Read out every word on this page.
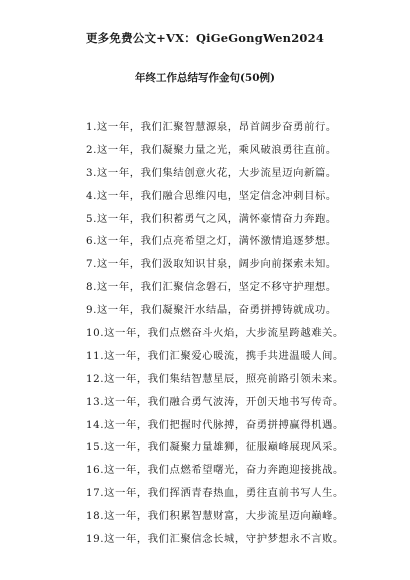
更多免费公文+VX：QiGeGongWen2024
年终工作总结写作金句(50例)
1.这一年，我们汇聚智慧源泉，昂首阔步奋勇前行。
2.这一年，我们凝聚力量之光，乘风破浪勇往直前。
3.这一年，我们集结创意火花，大步流星迈向新篇。
4.这一年，我们融合思维闪电，坚定信念冲刺目标。
5.这一年，我们积蓄勇气之风，满怀豪情奋力奔跑。
6.这一年，我们点亮希望之灯，满怀激情追逐梦想。
7.这一年，我们汲取知识甘泉，阔步向前探索未知。
8.这一年，我们汇聚信念磐石，坚定不移守护理想。
9.这一年，我们凝聚汗水结晶，奋勇拼搏铸就成功。
10.这一年，我们点燃奋斗火焰，大步流星跨越难关。
11.这一年，我们汇聚爱心暖流，携手共进温暖人间。
12.这一年，我们集结智慧星辰，照亮前路引领未来。
13.这一年，我们融合勇气波涛，开创天地书写传奇。
14.这一年，我们把握时代脉搏，奋勇拼搏赢得机遇。
15.这一年，我们凝聚力量雄狮，征服巅峰展现风采。
16.这一年，我们点燃希望曙光，奋力奔跑迎接挑战。
17.这一年，我们挥洒青春热血，勇往直前书写人生。
18.这一年，我们积累智慧财富，大步流星迈向巅峰。
19.这一年，我们汇聚信念长城，守护梦想永不言败。
